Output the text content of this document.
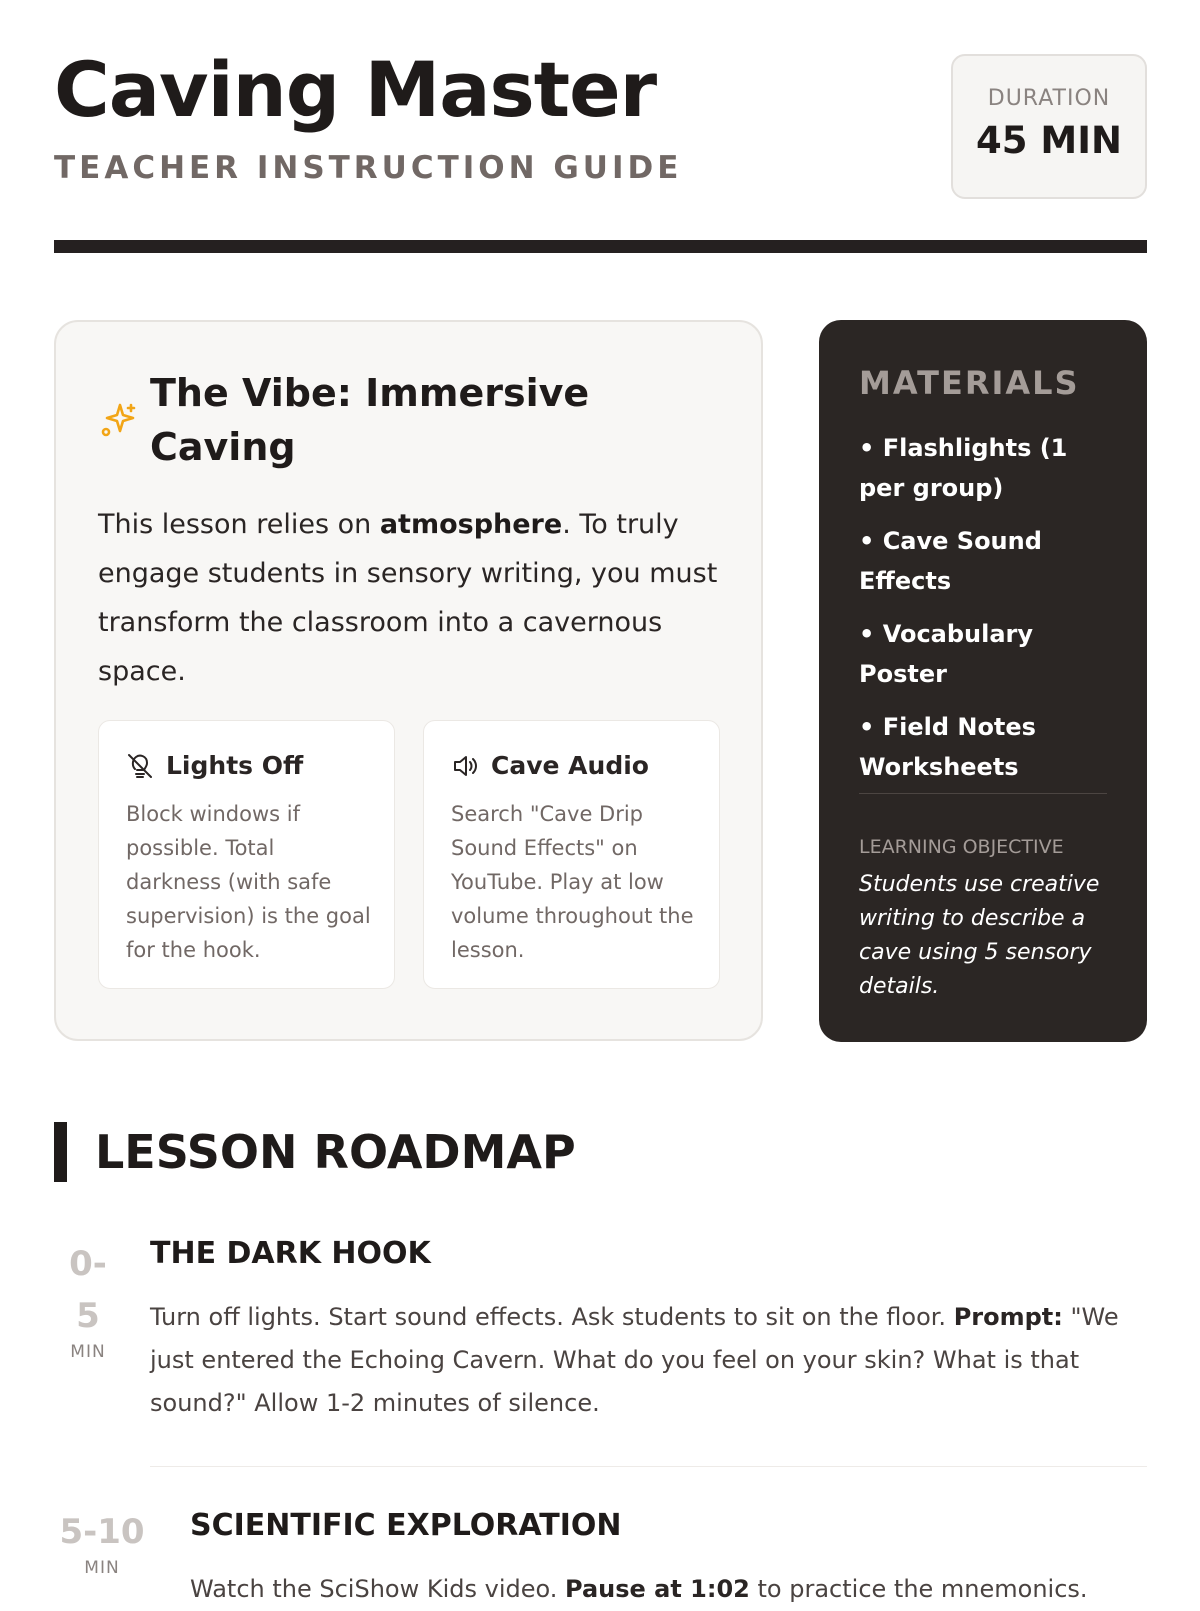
Caving Master

TEACHER INSTRUCTION GUIDE

DURATION
45 MIN
The Vibe: Immersive Caving

This lesson relies on atmosphere. To truly engage students in sensory writing, you must transform the classroom into a cavernous space.

Lights Off

Block windows if possible. Total darkness (with safe supervision) is the goal for the hook.

Cave Audio

Search "Cave Drip Sound Effects" on YouTube. Play at low volume throughout the lesson.

MATERIALS
• Flashlights (1 per group)
• Cave Sound Effects
• Vocabulary Poster
• Field Notes Worksheets
LEARNING OBJECTIVE

Students use creative writing to describe a cave using 5 sensory details.

LESSON ROADMAP
0-5
MIN
THE DARK HOOK

Turn off lights. Start sound effects. Ask students to sit on the floor. Prompt: "We just entered the Echoing Cavern. What do you feel on your skin? What is that sound?" Allow 1-2 minutes of silence.

5-10
MIN
SCIENTIFIC EXPLORATION

Watch the SciShow Kids video. Pause at 1:02 to practice the mnemonics.
